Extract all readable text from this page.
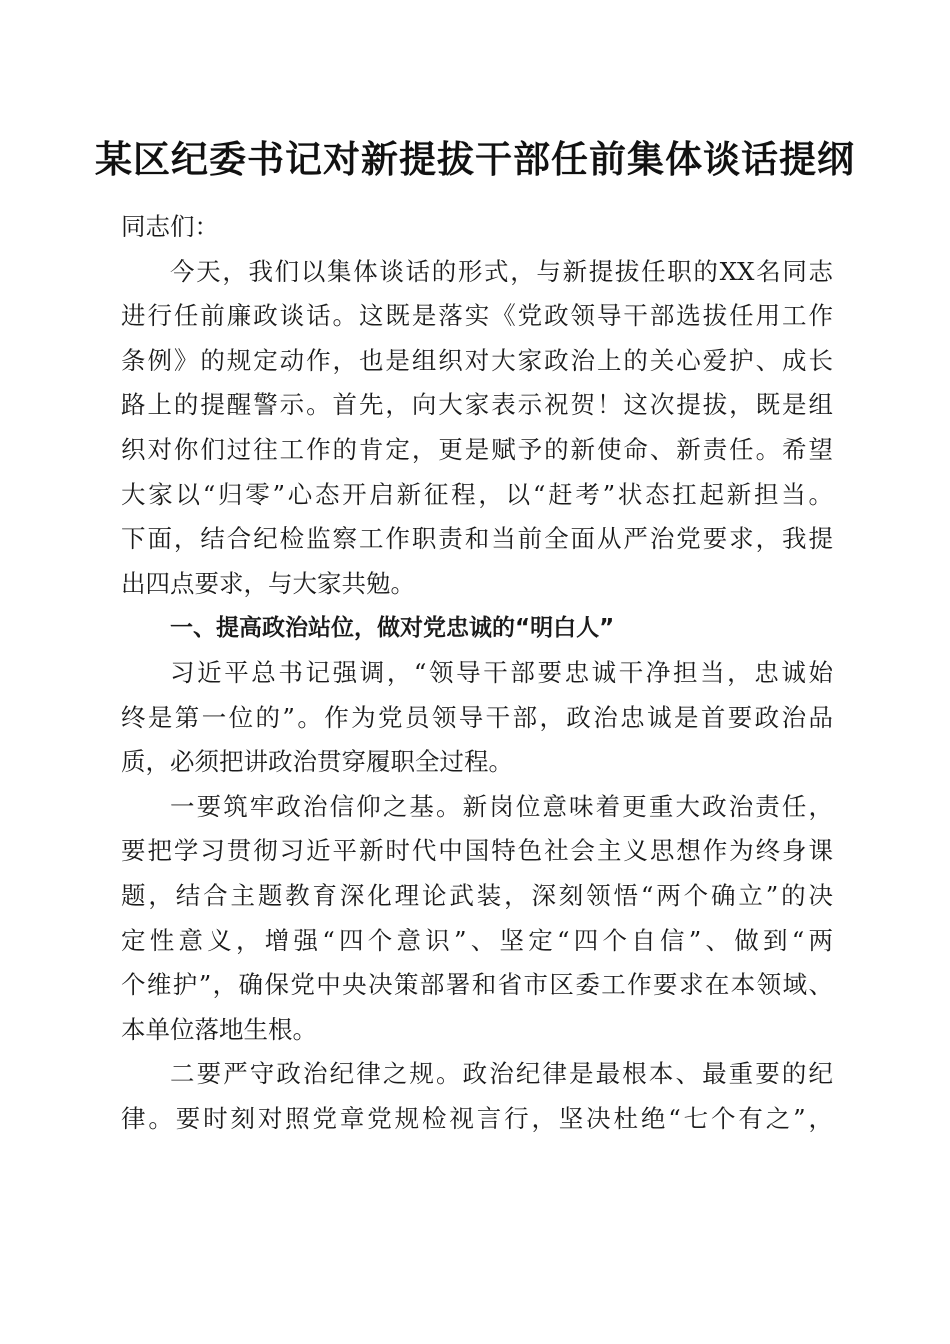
某区纪委书记对新提拔干部任前集体谈话提纲
同志们：
今天，我们以集体谈话的形式，与新提拔任职的XX名同志
进行任前廉政谈话。这既是落实《党政领导干部选拔任用工作
条例》的规定动作，也是组织对大家政治上的关心爱护、成长
路上的提醒警示。首先，向大家表示祝贺！这次提拔，既是组
织对你们过往工作的肯定，更是赋予的新使命、新责任。希望
大家以“归零”心态开启新征程，以“赶考”状态扛起新担当。
下面，结合纪检监察工作职责和当前全面从严治党要求，我提
出四点要求，与大家共勉。
一、提高政治站位，做对党忠诚的“明白人”
习近平总书记强调，“领导干部要忠诚干净担当，忠诚始
终是第一位的”。作为党员领导干部，政治忠诚是首要政治品
质，必须把讲政治贯穿履职全过程。
一要筑牢政治信仰之基。新岗位意味着更重大政治责任，
要把学习贯彻习近平新时代中国特色社会主义思想作为终身课
题，结合主题教育深化理论武装，深刻领悟“两个确立”的决
定性意义，增强“四个意识”、坚定“四个自信”、做到“两
个维护”，确保党中央决策部署和省市区委工作要求在本领域、
本单位落地生根。
二要严守政治纪律之规。政治纪律是最根本、最重要的纪
律。要时刻对照党章党规检视言行，坚决杜绝“七个有之”，
